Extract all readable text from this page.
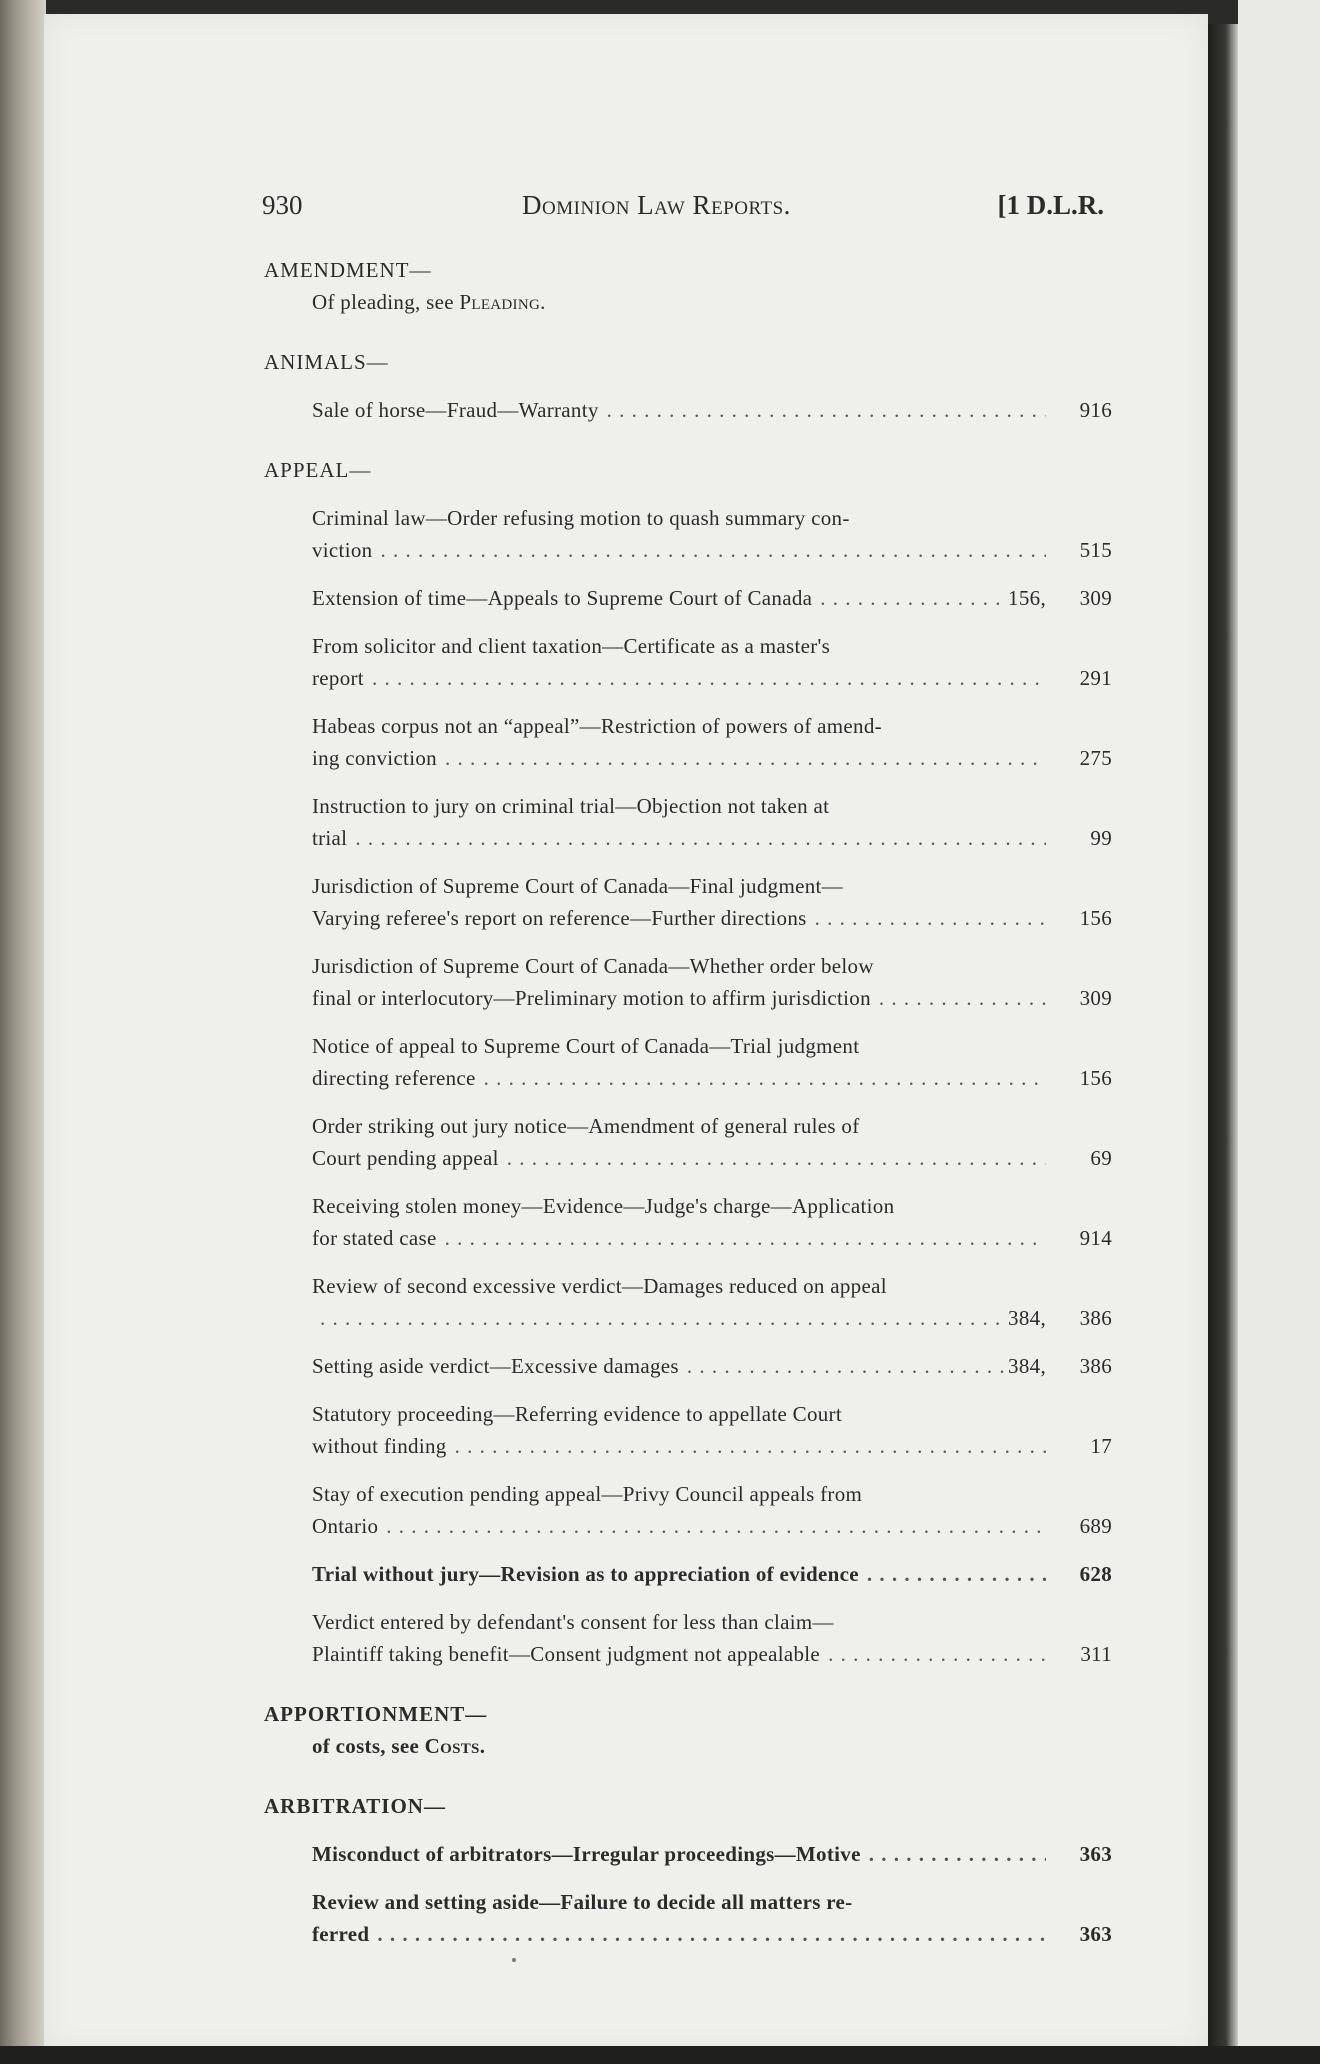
930	Dominion Law Reports.	[1 D.L.R.
AMENDMENT—
Of pleading, see Pleading.
ANIMALS—
Sale of horse—Fraud—Warranty . . .	916
APPEAL—
Criminal law—Order refusing motion to quash summary con-
viction . . .	515
Extension of time—Appeals to Supreme Court of Canada . . .	156,	309
From solicitor and client taxation—Certificate as a master's
report . . .	291
Habeas corpus not an “appeal”—Restriction of powers of amend-
ing conviction . . .	275
Instruction to jury on criminal trial—Objection not taken at
trial . . .	99
Jurisdiction of Supreme Court of Canada—Final judgment—
Varying referee's report on reference—Further directions . . .	156
Jurisdiction of Supreme Court of Canada—Whether order below
final or interlocutory—Preliminary motion to affirm jurisdiction . . .	309
Notice of appeal to Supreme Court of Canada—Trial judgment
directing reference . . .	156
Order striking out jury notice—Amendment of general rules of
Court pending appeal . . .	69
Receiving stolen money—Evidence—Judge's charge—Application
for stated case . . .	914
Review of second excessive verdict—Damages reduced on appeal
. . .
384,	386
Setting aside verdict—Excessive damages . . .	384,	386
Statutory proceeding—Referring evidence to appellate Court
without finding . . .	17
Stay of execution pending appeal—Privy Council appeals from
Ontario . . .	689
Trial without jury—Revision as to appreciation of evidence . . .	628
Verdict entered by defendant's consent for less than claim—
Plaintiff taking benefit—Consent judgment not appealable . . .	311
APPORTIONMENT—
of costs, see Costs.
ARBITRATION—
Misconduct of arbitrators—Irregular proceedings—Motive . . .	363
Review and setting aside—Failure to decide all matters re-
ferred . . .	363
